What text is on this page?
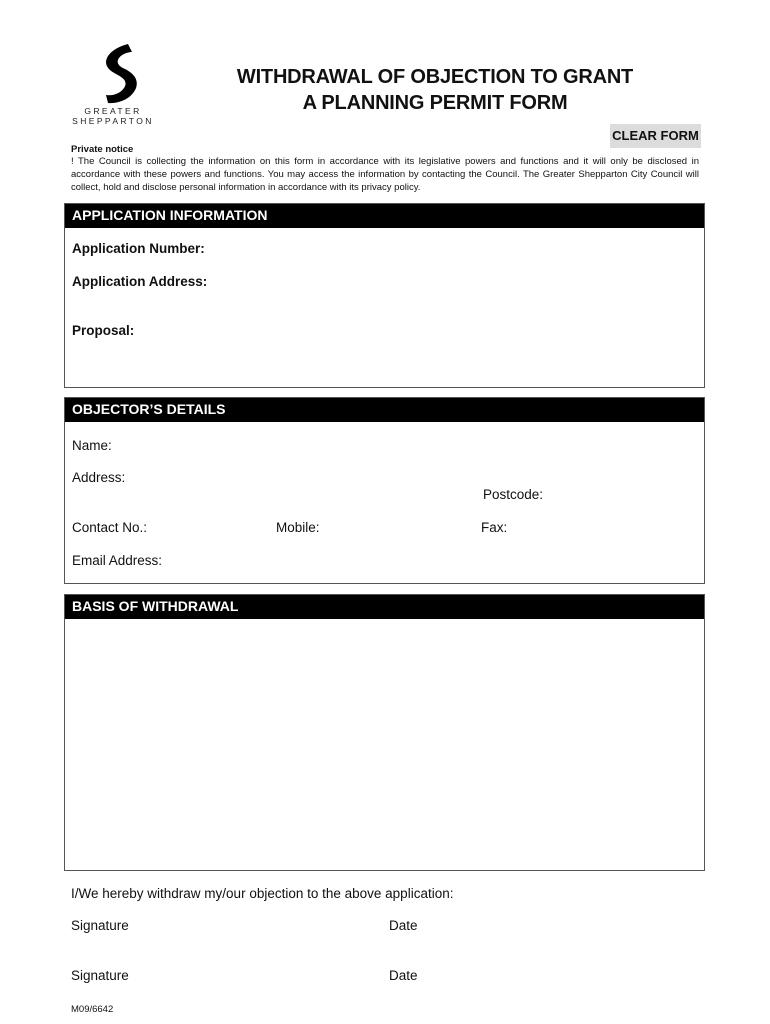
GREATER
SHEPPARTON
WITHDRAWAL OF OBJECTION TO GRANT
A PLANNING PERMIT FORM
CLEAR FORM
Private notice
! The Council is collecting the information on this form in accordance with its legislative powers and functions and it will only be disclosed in accordance with these powers and functions. You may access the information by contacting the Council. The Greater Shepparton City Council will collect, hold and disclose personal information in accordance with its privacy policy.
APPLICATION INFORMATION
Application Number:
Application Address:
Proposal:
OBJECTOR’S DETAILS
Name:
Address:
Postcode:
Contact No.:	Mobile:	Fax:
Email Address:
BASIS OF WITHDRAWAL
I/We hereby withdraw my/our objection to the above application:
Signature	Date
Signature	Date
M09/6642
